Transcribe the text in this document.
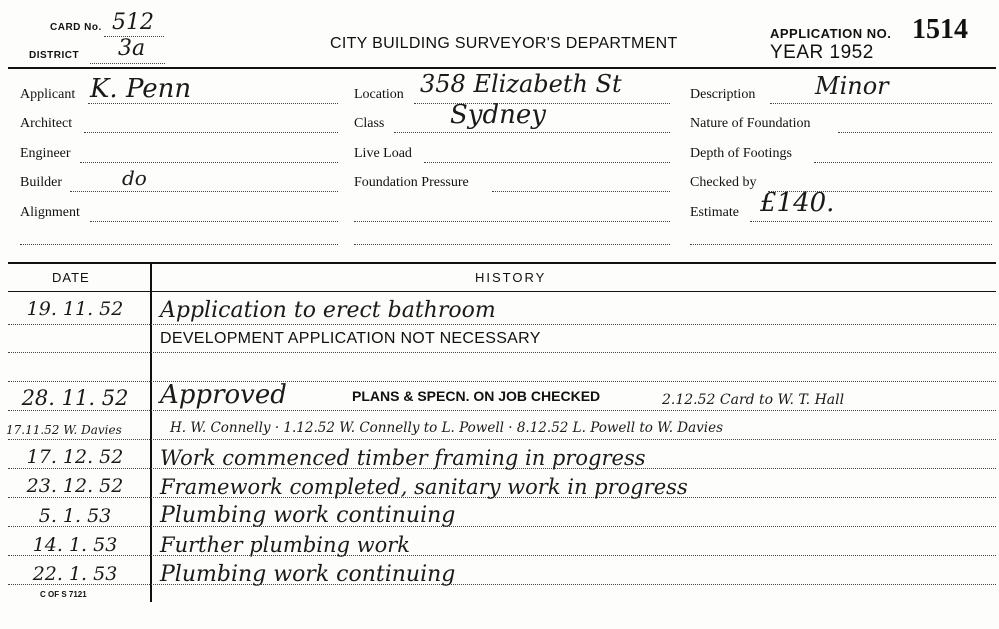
CARD No. 512
DISTRICT 3a	CITY BUILDING SURVEYOR'S DEPARTMENT
APPLICATION NO. 1514
YEAR 1952
Applicant K. Penn
Architect
Engineer
Builder	do
Alignment
Location 358 Elizabeth St
Class	Sydney
Live Load
Foundation Pressure
Description Minor
Nature of Foundation
Depth of Footings
Checked by
Estimate £140.
DATE	HISTORY
19. 11. 52	Application to erect bathroom
DEVELOPMENT APPLICATION NOT NECESSARY
28. 11. 52	Approved	PLANS & SPECN. ON JOB CHECKED	2.12.52 Card to W. T. Hall
17.11.52 W. Davies	H. W. Connelly · 1.12.52 W. Connelly to L. Powell · 8.12.52 L. Powell to W. Davies
17. 12. 52	Work commenced timber framing in progress
23. 12. 52	Framework completed, sanitary work in progress
5. 1. 53	Plumbing work continuing
14. 1. 53	Further plumbing work
22. 1. 53	Plumbing work continuing
C OF S 7121
